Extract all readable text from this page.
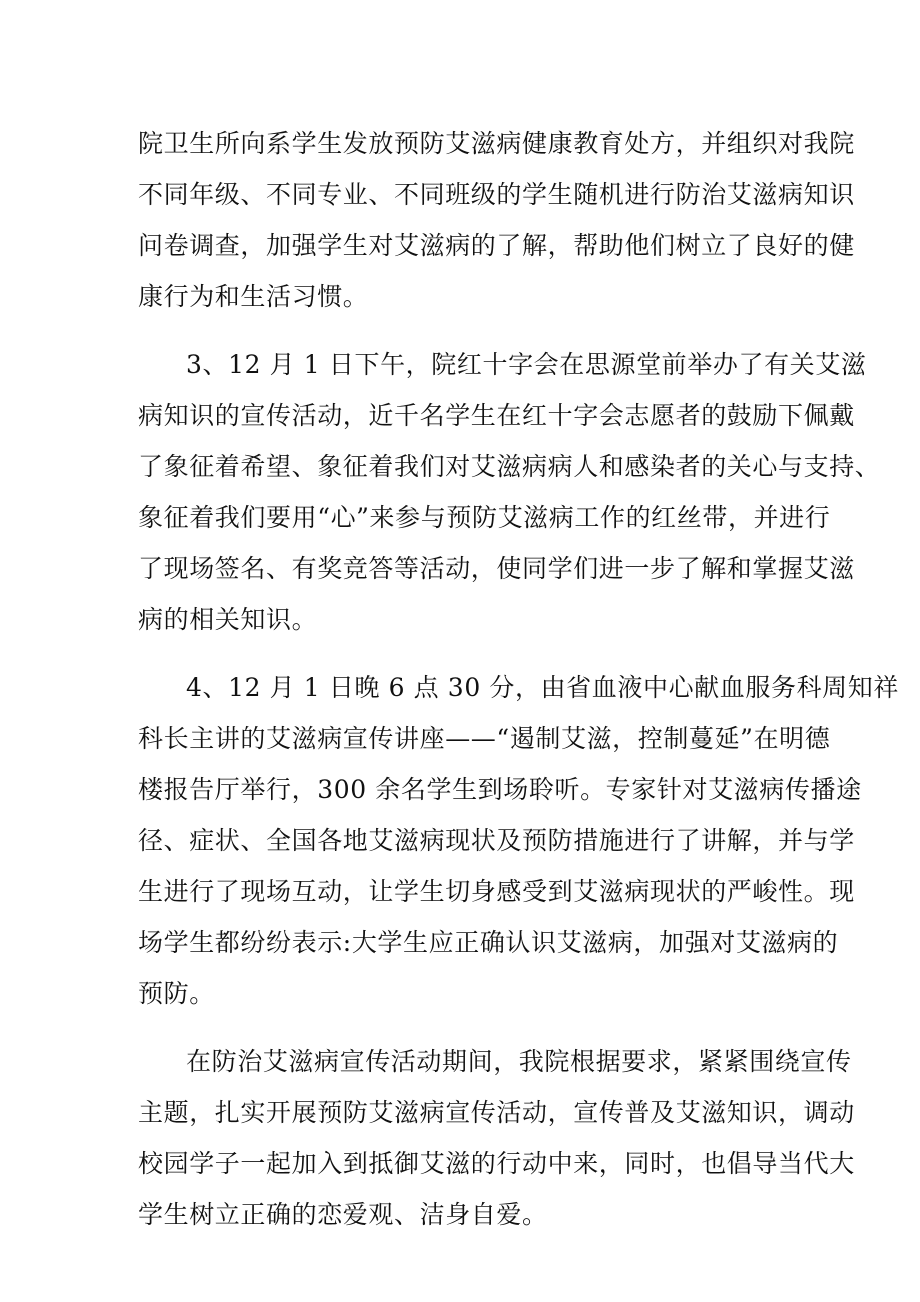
院卫生所向系学生发放预防艾滋病健康教育处方，并组织对我院
不同年级、不同专业、不同班级的学生随机进行防治艾滋病知识
问卷调查，加强学生对艾滋病的了解，帮助他们树立了良好的健
康行为和生活习惯。
3、12 月 1 日下午，院红十字会在思源堂前举办了有关艾滋
病知识的宣传活动，近千名学生在红十字会志愿者的鼓励下佩戴
了象征着希望、象征着我们对艾滋病病人和感染者的关心与支持、
象征着我们要用“心”来参与预防艾滋病工作的红丝带，并进行
了现场签名、有奖竞答等活动，使同学们进一步了解和掌握艾滋
病的相关知识。
4、12 月 1 日晚 6 点 30 分，由省血液中心献血服务科周知祥
科长主讲的艾滋病宣传讲座——“遏制艾滋，控制蔓延”在明德
楼报告厅举行，300 余名学生到场聆听。专家针对艾滋病传播途
径、症状、全国各地艾滋病现状及预防措施进行了讲解，并与学
生进行了现场互动，让学生切身感受到艾滋病现状的严峻性。现
场学生都纷纷表示:大学生应正确认识艾滋病，加强对艾滋病的
预防。
在防治艾滋病宣传活动期间，我院根据要求，紧紧围绕宣传
主题，扎实开展预防艾滋病宣传活动，宣传普及艾滋知识，调动
校园学子一起加入到抵御艾滋的行动中来，同时，也倡导当代大
学生树立正确的恋爱观、洁身自爱。
